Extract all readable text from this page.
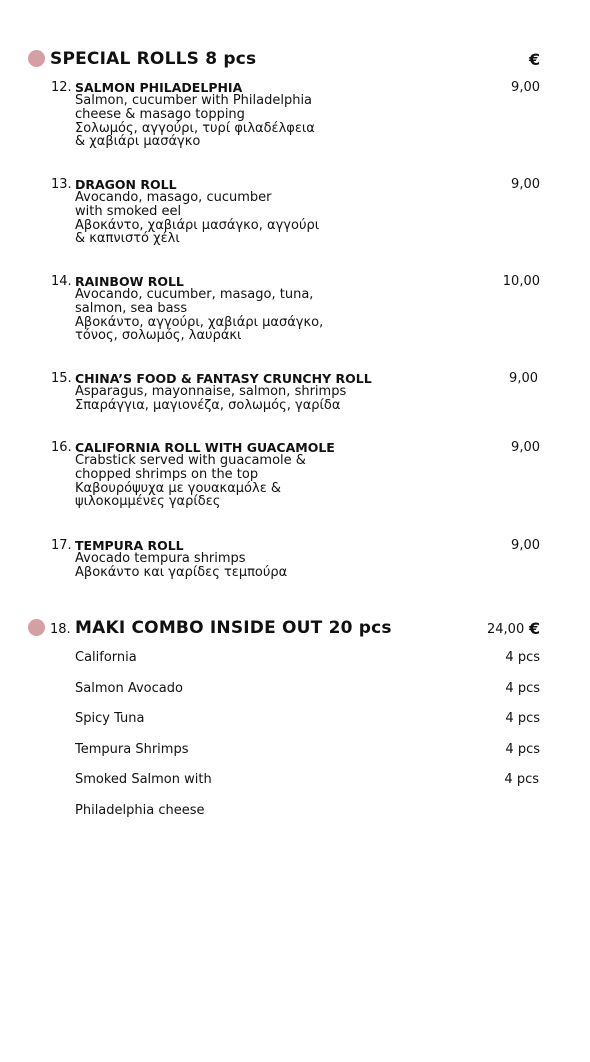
SPECIAL ROLLS 8 pcs	€
12. SALMON PHILADELPHIA	9,00
Salmon, cucumber with Philadelphia
cheese & masago topping
Σολωμός, αγγούρι, τυρί φιλαδέλφεια
& χαβιάρι μασάγκο
13. DRAGON ROLL	9,00
Avocando, masago, cucumber
with smoked eel
Αβοκάντο, χαβιάρι μασάγκο, αγγούρι
& καπνιστό χέλι
14. RAINBOW ROLL	10,00
Avocando, cucumber, masago, tuna,
salmon, sea bass
Αβοκάντο, αγγούρι, χαβιάρι μασάγκο,
τόνος, σολωμός, λαυράκι
15. CHINA’S FOOD & FANTASY CRUNCHY ROLL	9,00
Asparagus, mayonnaise, salmon, shrimps
Σπαράγγια, μαγιονέζα, σολωμός, γαρίδα
16. CALIFORNIA ROLL WITH GUACAMOLE	9,00
Crabstick served with guacamole &
chopped shrimps on the top
Καβουρόψυχα με γουακαμόλε &
ψιλοκομμένες γαρίδες
17. TEMPURA ROLL	9,00
Avocado tempura shrimps
Αβοκάντο και γαρίδες τεμπούρα
18. MAKI COMBO INSIDE OUT 20 pcs	24,00 €
California	4 pcs
Salmon Avocado	4 pcs
Spicy Tuna	4 pcs
Tempura Shrimps	4 pcs
Smoked Salmon with	4 pcs
Philadelphia cheese
